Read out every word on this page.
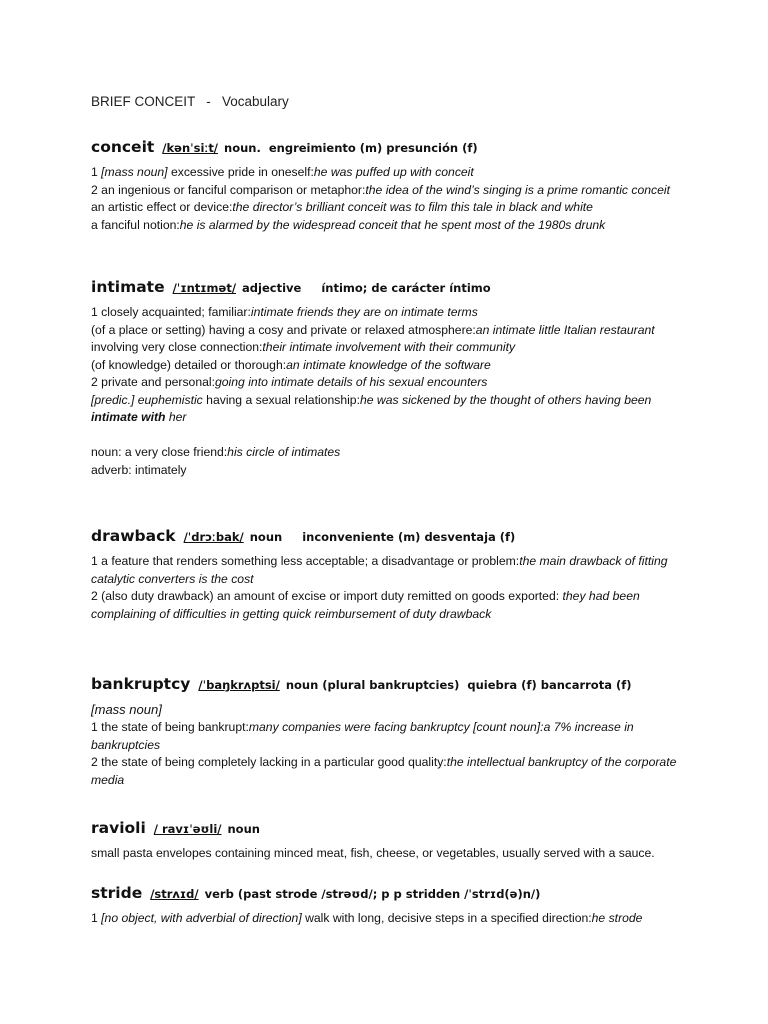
BRIEF CONCEIT   -   Vocabulary
conceit /kənˈsiːt/ noun. engreimiento (m) presunción (f)
1 [mass noun] excessive pride in oneself:he was puffed up with conceit
2 an ingenious or fanciful comparison or metaphor:the idea of the wind’s singing is a prime romantic conceit
an artistic effect or device:the director’s brilliant conceit was to film this tale in black and white
a fanciful notion:he is alarmed by the widespread conceit that he spent most of the 1980s drunk
intimate /ˈɪntɪmət/ adjective íntimo; de carácter íntimo
1 closely acquainted; familiar:intimate friends they are on intimate terms
(of a place or setting) having a cosy and private or relaxed atmosphere:an intimate little Italian restaurant
involving very close connection:their intimate involvement with their community
(of knowledge) detailed or thorough:an intimate knowledge of the software
2 private and personal:going into intimate details of his sexual encounters
[predic.] euphemistic having a sexual relationship:he was sickened by the thought of others having been intimate with her
noun: a very close friend:his circle of intimates
adverb: intimately
drawback /ˈdrɔːbak/ noun inconveniente (m) desventaja (f)
1 a feature that renders something less acceptable; a disadvantage or problem:the main drawback of fitting catalytic converters is the cost
2 (also duty drawback) an amount of excise or import duty remitted on goods exported: they had been complaining of difficulties in getting quick reimbursement of duty drawback
bankruptcy /ˈbaŋkrʌptsi/ noun (plural bankruptcies) quiebra (f) bancarrota (f)
[mass noun]
1 the state of being bankrupt:many companies were facing bankruptcy [count noun]:a 7% increase in bankruptcies
2 the state of being completely lacking in a particular good quality:the intellectual bankruptcy of the corporate media
ravioli / ravɪˈəʊli/ noun
small pasta envelopes containing minced meat, fish, cheese, or vegetables, usually served with a sauce.
stride /strʌɪd/ verb (past strode /strəʊd/; p p stridden /ˈstrɪd(ə)n/)
1 [no object, with adverbial of direction] walk with long, decisive steps in a specified direction:he strode
